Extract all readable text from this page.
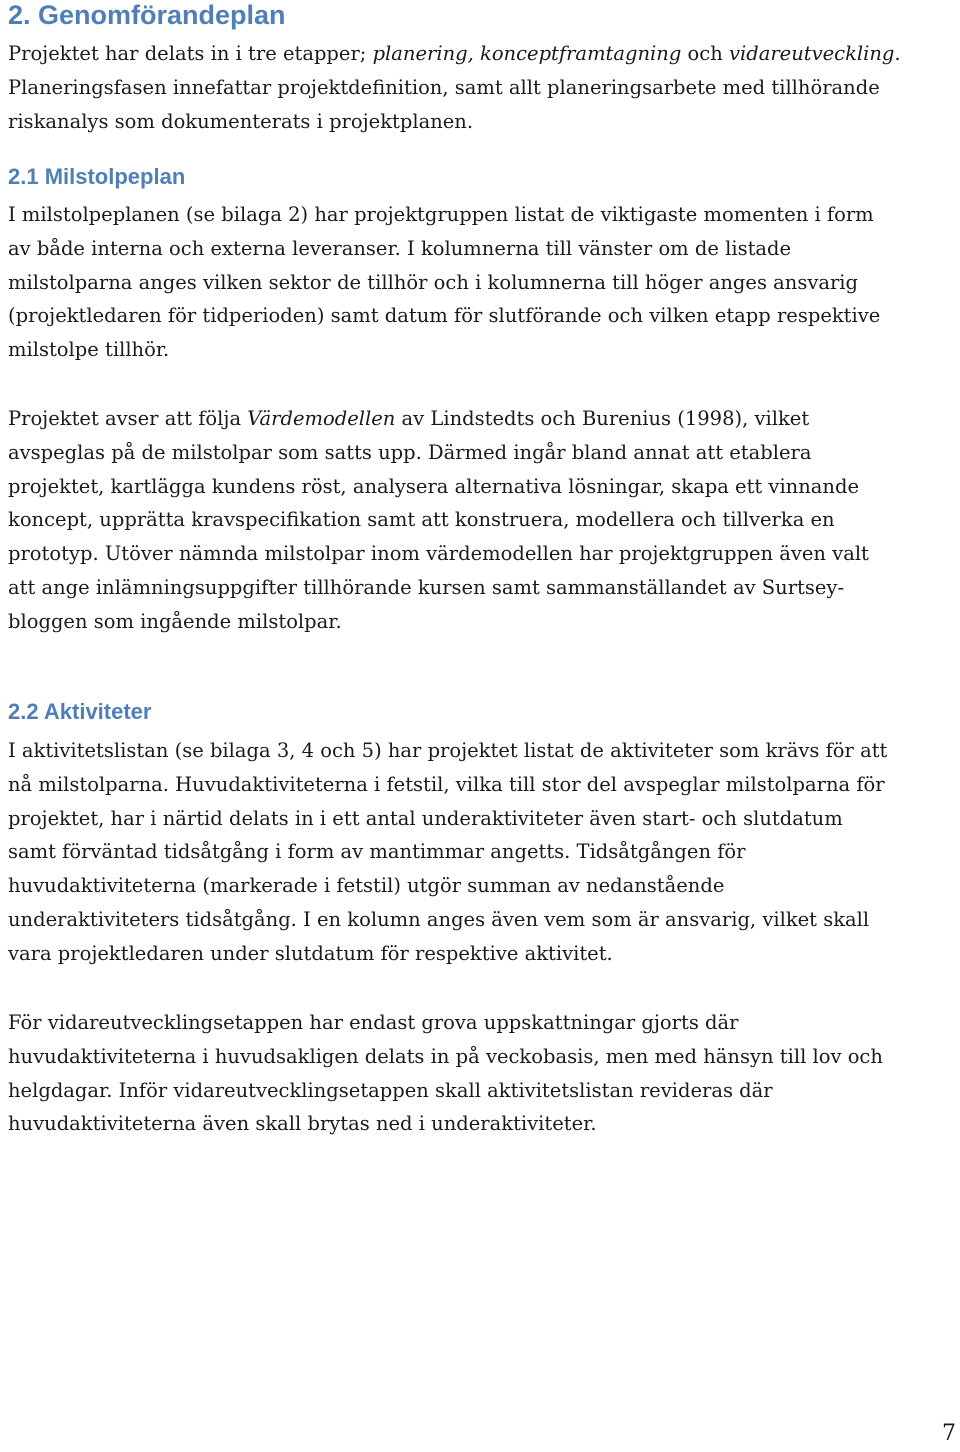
2. Genomförandeplan

Projektet har delats in i tre etapper; planering, konceptframtagning och vidareutveckling.
Planeringsfasen innefattar projektdefinition, samt allt planeringsarbete med tillhörande
riskanalys som dokumenterats i projektplanen.

2.1 Milstolpeplan

I milstolpeplanen (se bilaga 2) har projektgruppen listat de viktigaste momenten i form
av både interna och externa leveranser. I kolumnerna till vänster om de listade
milstolparna anges vilken sektor de tillhör och i kolumnerna till höger anges ansvarig
(projektledaren för tidperioden) samt datum för slutförande och vilken etapp respektive
milstolpe tillhör.

Projektet avser att följa Värdemodellen av Lindstedts och Burenius (1998), vilket
avspeglas på de milstolpar som satts upp. Därmed ingår bland annat att etablera
projektet, kartlägga kundens röst, analysera alternativa lösningar, skapa ett vinnande
koncept, upprätta kravspecifikation samt att konstruera, modellera och tillverka en
prototyp. Utöver nämnda milstolpar inom värdemodellen har projektgruppen även valt
att ange inlämningsuppgifter tillhörande kursen samt sammanställandet av Surtsey-
bloggen som ingående milstolpar.

2.2 Aktiviteter

I aktivitetslistan (se bilaga 3, 4 och 5) har projektet listat de aktiviteter som krävs för att
nå milstolparna. Huvudaktiviteterna i fetstil, vilka till stor del avspeglar milstolparna för
projektet, har i närtid delats in i ett antal underaktiviteter även start- och slutdatum
samt förväntad tidsåtgång i form av mantimmar angetts. Tidsåtgången för
huvudaktiviteterna (markerade i fetstil) utgör summan av nedanstående
underaktiviteters tidsåtgång. I en kolumn anges även vem som är ansvarig, vilket skall
vara projektledaren under slutdatum för respektive aktivitet.

För vidareutvecklingsetappen har endast grova uppskattningar gjorts där
huvudaktiviteterna i huvudsakligen delats in på veckobasis, men med hänsyn till lov och
helgdagar. Inför vidareutvecklingsetappen skall aktivitetslistan revideras där
huvudaktiviteterna även skall brytas ned i underaktiviteter.

7
